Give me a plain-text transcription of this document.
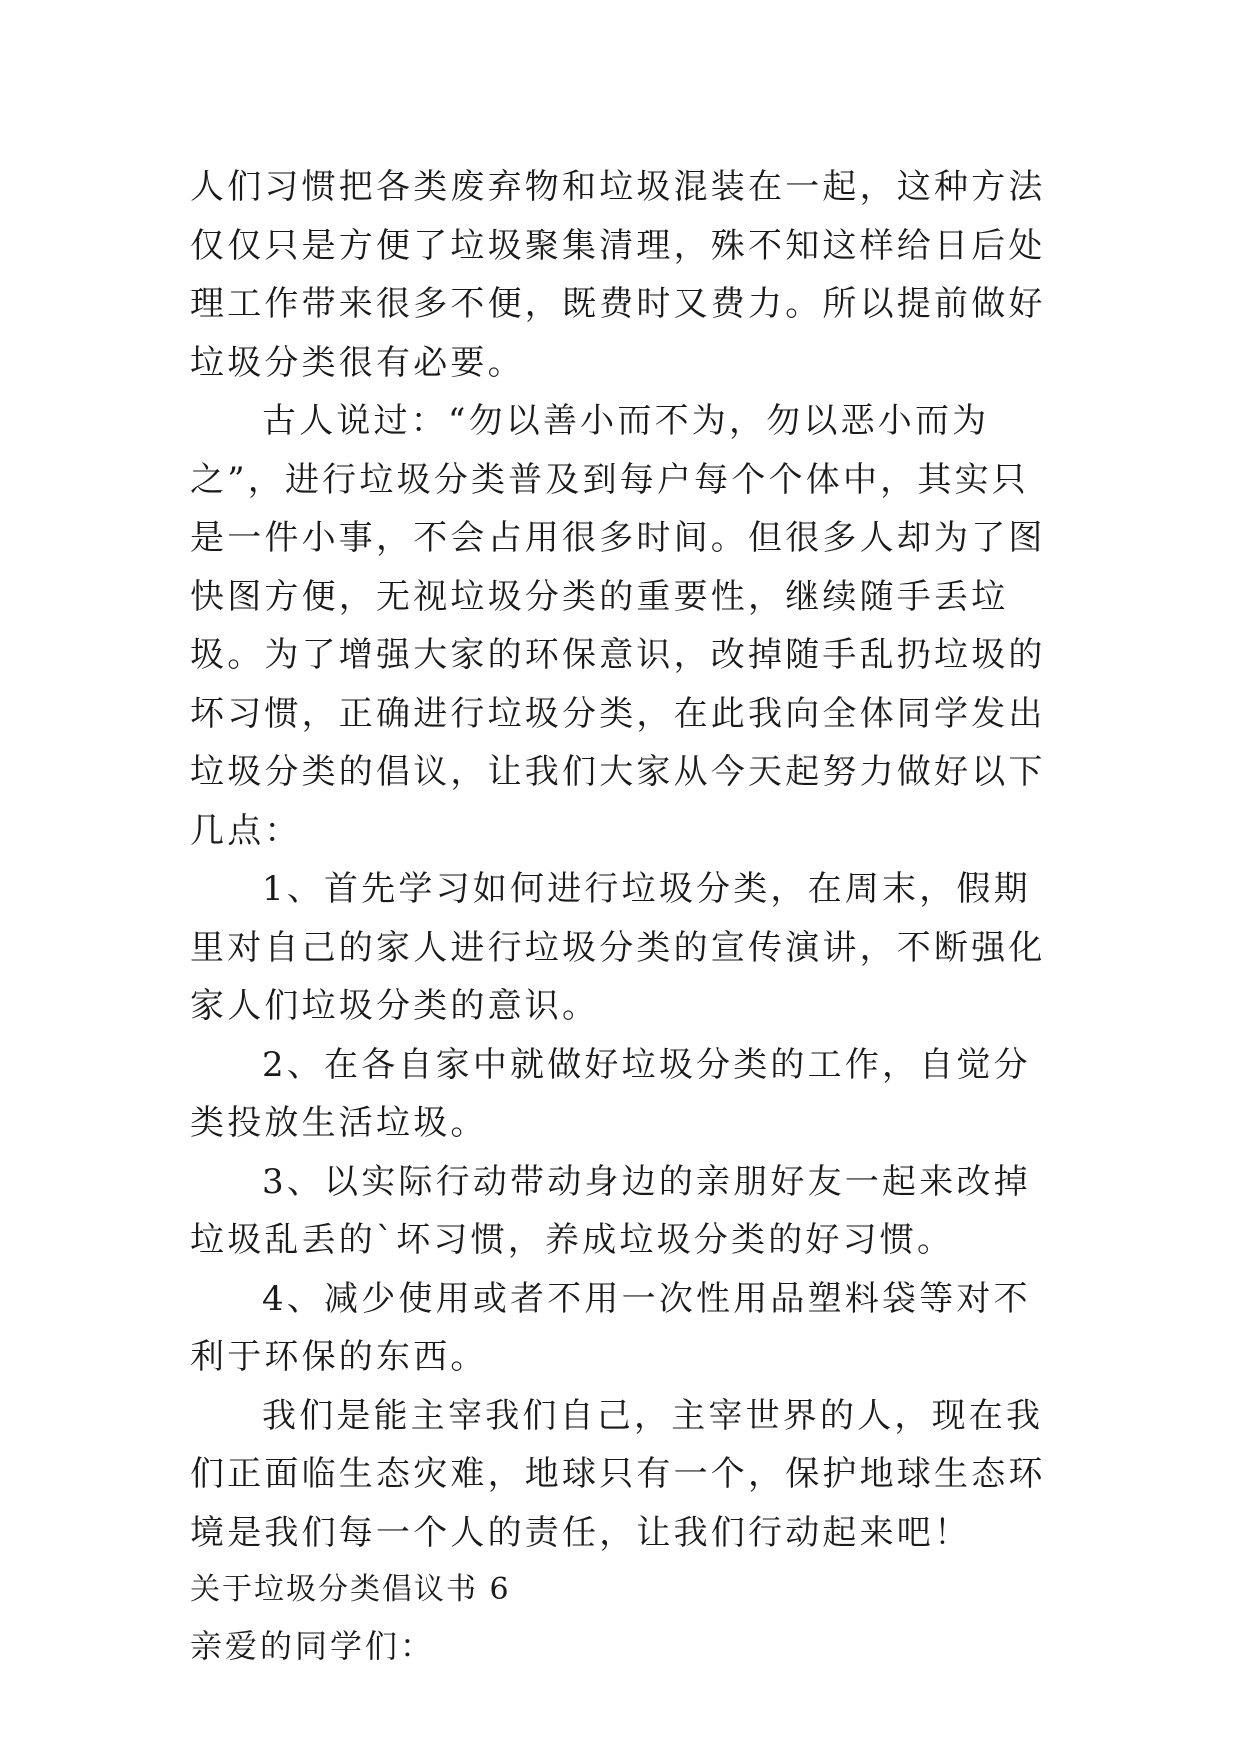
人们习惯把各类废弃物和垃圾混装在一起，这种方法仅仅只是方便了垃圾聚集清理，殊不知这样给日后处理工作带来很多不便，既费时又费力。所以提前做好垃圾分类很有必要。

古人说过：“勿以善小而不为，勿以恶小而为之”，进行垃圾分类普及到每户每个个体中，其实只是一件小事，不会占用很多时间。但很多人却为了图快图方便，无视垃圾分类的重要性，继续随手丢垃圾。为了增强大家的环保意识，改掉随手乱扔垃圾的坏习惯，正确进行垃圾分类，在此我向全体同学发出垃圾分类的倡议，让我们大家从今天起努力做好以下几点：

1、首先学习如何进行垃圾分类，在周末，假期里对自己的家人进行垃圾分类的宣传演讲，不断强化家人们垃圾分类的意识。

2、在各自家中就做好垃圾分类的工作，自觉分类投放生活垃圾。

3、以实际行动带动身边的亲朋好友一起来改掉垃圾乱丢的`坏习惯，养成垃圾分类的好习惯。

4、减少使用或者不用一次性用品塑料袋等对不利于环保的东西。

我们是能主宰我们自己，主宰世界的人，现在我们正面临生态灾难，地球只有一个，保护地球生态环境是我们每一个人的责任，让我们行动起来吧！

关于垃圾分类倡议书 6

亲爱的同学们：
